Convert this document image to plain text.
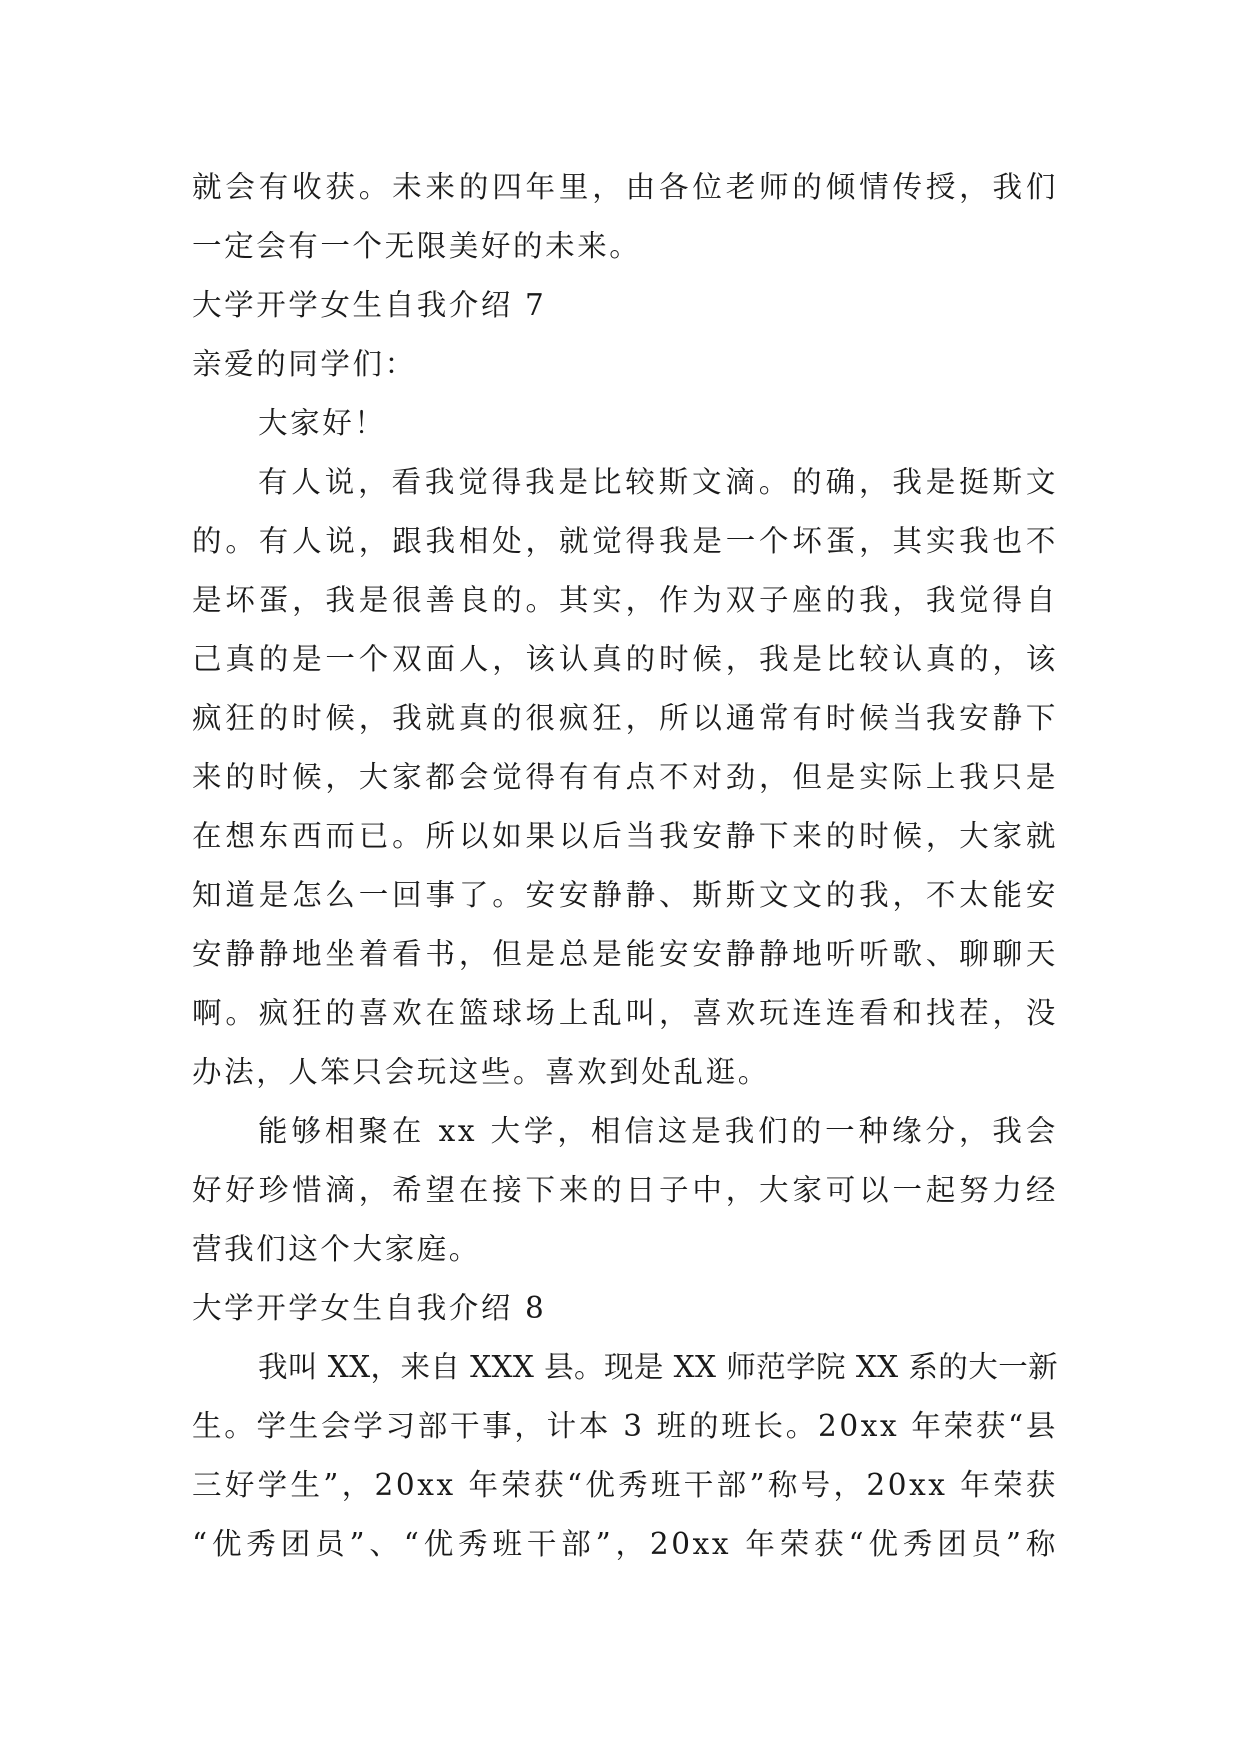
就会有收获。未来的四年里，由各位老师的倾情传授，我们
一定会有一个无限美好的未来。
大学开学女生自我介绍 7
亲爱的同学们：
大家好！
有人说，看我觉得我是比较斯文滴。的确，我是挺斯文
的。有人说，跟我相处，就觉得我是一个坏蛋，其实我也不
是坏蛋，我是很善良的。其实，作为双子座的我，我觉得自
己真的是一个双面人，该认真的时候，我是比较认真的，该
疯狂的时候，我就真的很疯狂，所以通常有时候当我安静下
来的时候，大家都会觉得有有点不对劲，但是实际上我只是
在想东西而已。所以如果以后当我安静下来的时候，大家就
知道是怎么一回事了。安安静静、斯斯文文的我，不太能安
安静静地坐着看书，但是总是能安安静静地听听歌、聊聊天
啊。疯狂的喜欢在篮球场上乱叫，喜欢玩连连看和找茬，没
办法，人笨只会玩这些。喜欢到处乱逛。
能够相聚在 xx 大学，相信这是我们的一种缘分，我会
好好珍惜滴，希望在接下来的日子中，大家可以一起努力经
营我们这个大家庭。
大学开学女生自我介绍 8
我叫 XX，来自 XXX 县。现是 XX 师范学院 XX 系的大一新
生。学生会学习部干事，计本 3 班的班长。20xx 年荣获“县
三好学生”，20xx 年荣获“优秀班干部”称号，20xx 年荣获
“优秀团员”、“优秀班干部”，20xx 年荣获“优秀团员”称
